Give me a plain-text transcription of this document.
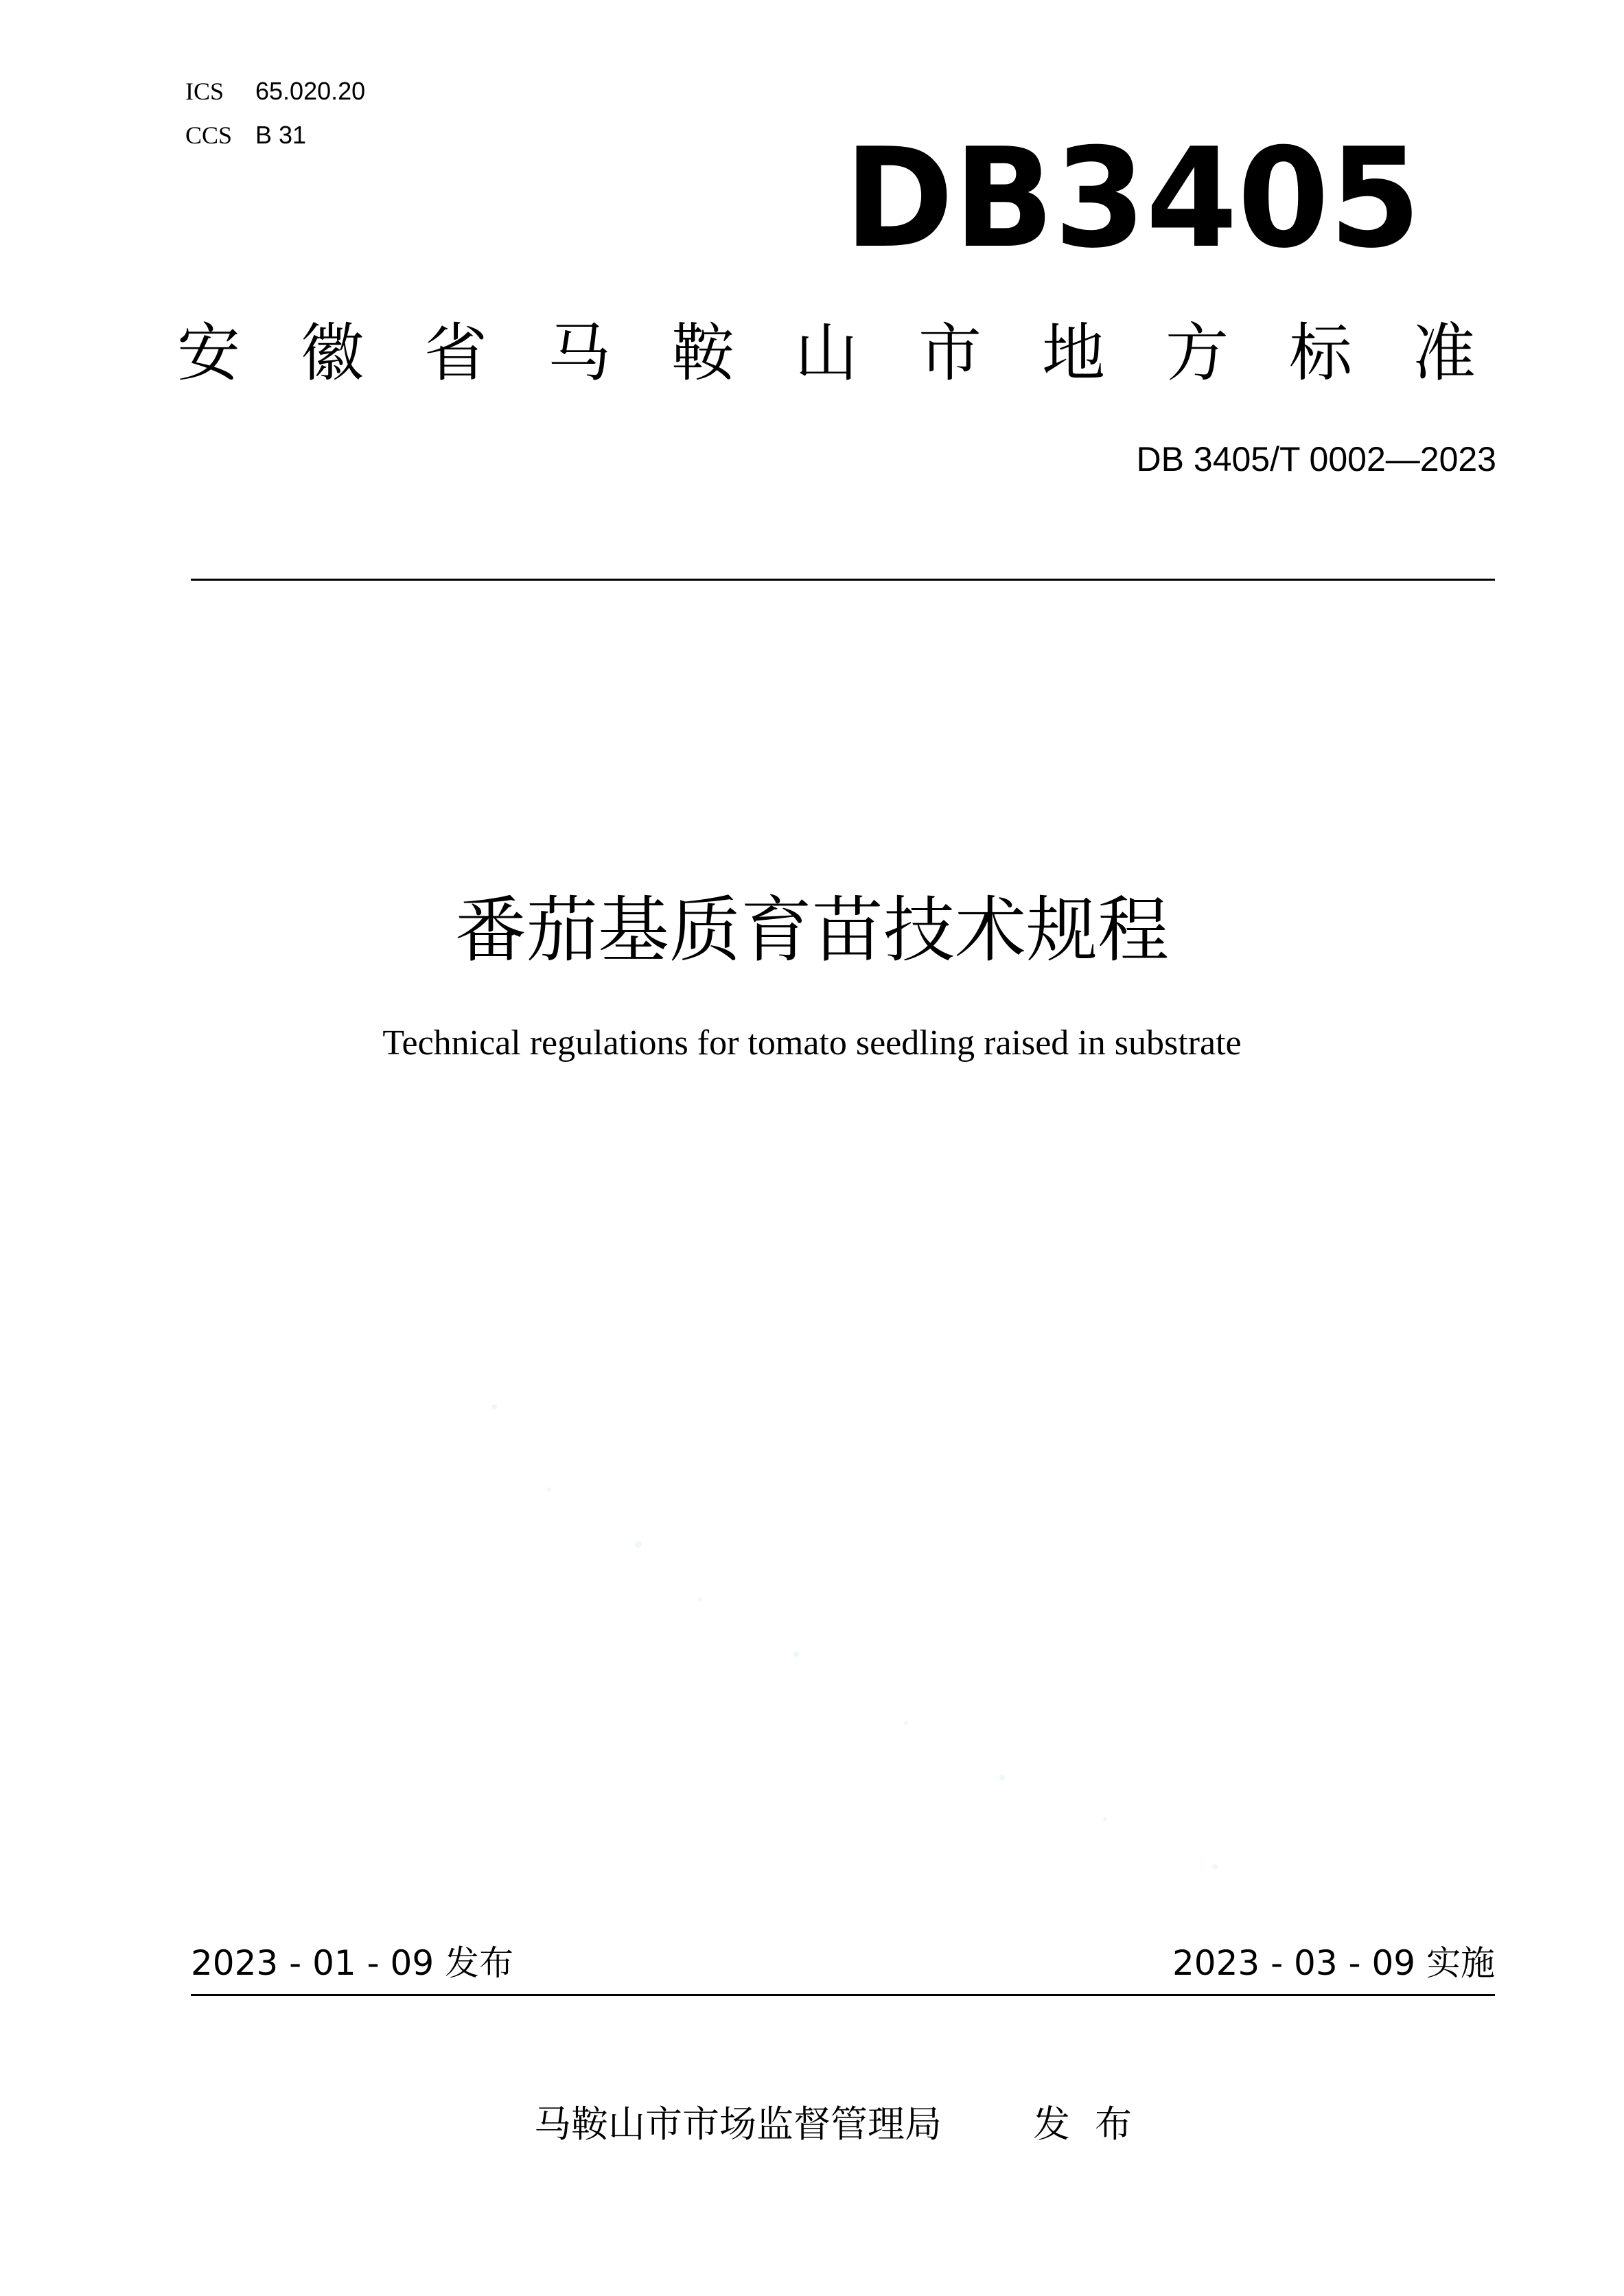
ICS 65.020.20
CCS B 31	DB3405
安徽省马鞍山市地方标准
DB 3405/T 0002—2023
番茄基质育苗技术规程
Technical regulations for tomato seedling raised in substrate
2023 - 01 - 09 发布	2023 - 03 - 09 实施
马鞍山市市场监督管理局 发布
